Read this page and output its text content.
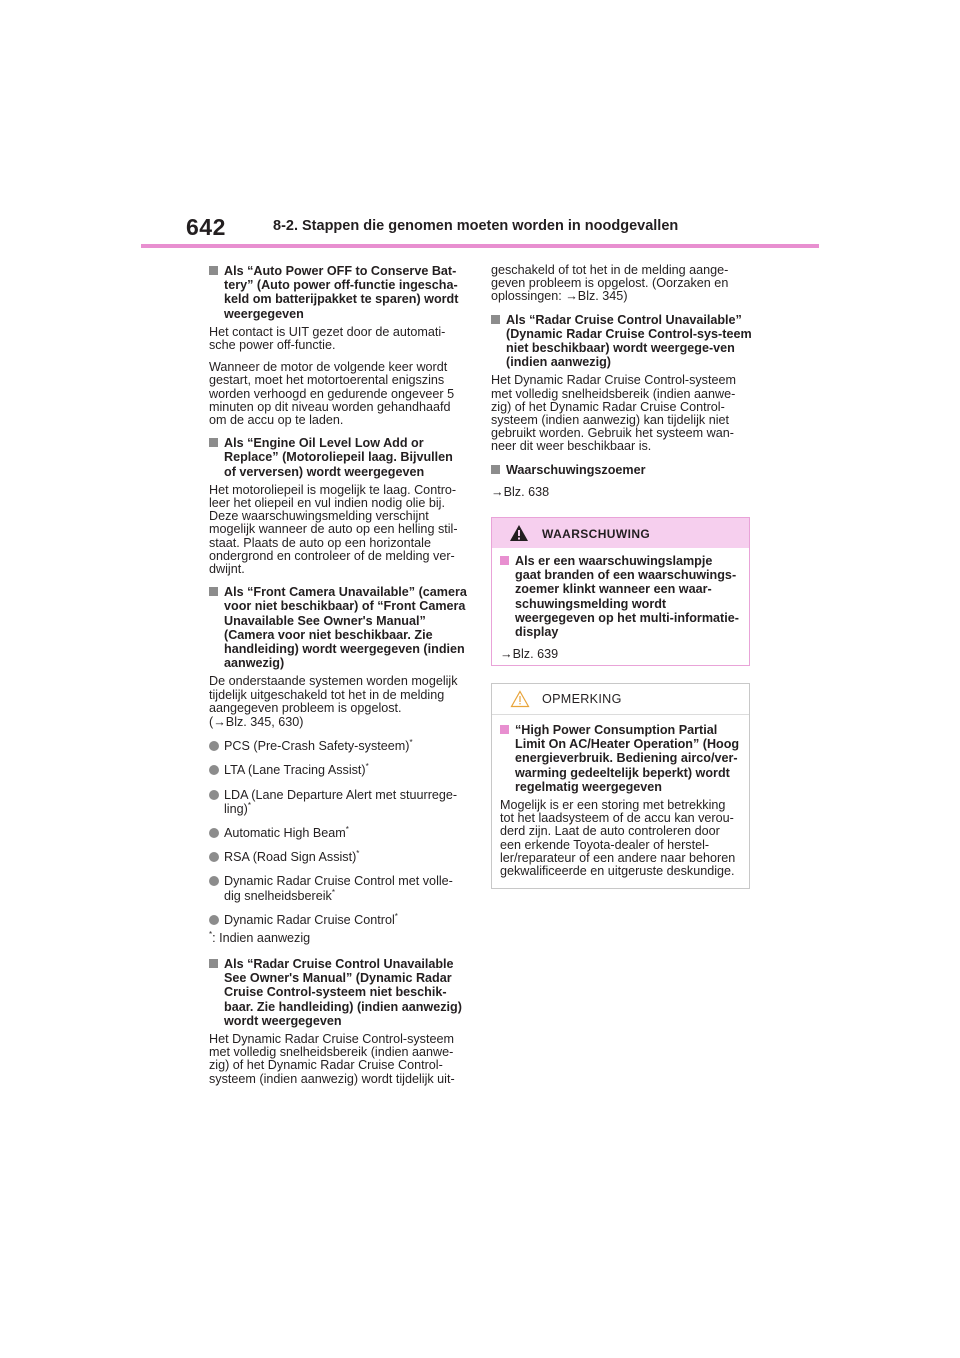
642	8-2. Stappen die genomen moeten worden in noodgevallen
Als “Auto Power OFF to Conserve Bat-tery” (Auto power off-functie ingescha-keld om batterijpakket te sparen) wordt weergegeven
Het contact is UIT gezet door de automati-sche power off-functie.
Wanneer de motor de volgende keer wordt gestart, moet het motortoerental enigszins worden verhoogd en gedurende ongeveer 5 minuten op dit niveau worden gehandhaafd om de accu op te laden.
Als “Engine Oil Level Low Add or Replace” (Motoroliepeil laag. Bijvullen of verversen) wordt weergegeven
Het motoroliepeil is mogelijk te laag. Contro-leer het oliepeil en vul indien nodig olie bij. Deze waarschuwingsmelding verschijnt mogelijk wanneer de auto op een helling stil-staat. Plaats de auto op een horizontale ondergrond en controleer of de melding ver-dwijnt.
Als “Front Camera Unavailable” (camera voor niet beschikbaar) of “Front Camera Unavailable See Owner's Manual” (Camera voor niet beschikbaar. Zie handleiding) wordt weergegeven (indien aanwezig)
De onderstaande systemen worden mogelijk tijdelijk uitgeschakeld tot het in de melding aangegeven probleem is opgelost.
(→Blz. 345, 630)
PCS (Pre-Crash Safety-systeem)*
LTA (Lane Tracing Assist)*
LDA (Lane Departure Alert met stuurrege-ling)*
Automatic High Beam*
RSA (Road Sign Assist)*
Dynamic Radar Cruise Control met volle-dig snelheidsbereik*
Dynamic Radar Cruise Control*
*: Indien aanwezig
Als “Radar Cruise Control Unavailable See Owner's Manual” (Dynamic Radar Cruise Control-systeem niet beschik-baar. Zie handleiding) (indien aanwezig) wordt weergegeven
Het Dynamic Radar Cruise Control-systeem met volledig snelheidsbereik (indien aanwe-zig) of het Dynamic Radar Cruise Control-systeem (indien aanwezig) wordt tijdelijk uit-
geschakeld of tot het in de melding aange-geven probleem is opgelost. (Oorzaken en oplossingen: →Blz. 345)
Als “Radar Cruise Control Unavailable” (Dynamic Radar Cruise Control-sys-teem niet beschikbaar) wordt weergege-ven (indien aanwezig)
Het Dynamic Radar Cruise Control-systeem met volledig snelheidsbereik (indien aanwe-zig) of het Dynamic Radar Cruise Control-systeem (indien aanwezig) kan tijdelijk niet gebruikt worden. Gebruik het systeem wan-neer dit weer beschikbaar is.
Waarschuwingszoemer
→Blz. 638
WAARSCHUWING
Als er een waarschuwingslampje gaat branden of een waarschuwings-zoemer klinkt wanneer een waar-schuwingsmelding wordt weergegeven op het multi-informatie-display
→Blz. 639
OPMERKING
“High Power Consumption Partial Limit On AC/Heater Operation” (Hoog energieverbruik. Bediening airco/ver-warming gedeeltelijk beperkt) wordt regelmatig weergegeven
Mogelijk is er een storing met betrekking tot het laadsysteem of de accu kan verou-derd zijn. Laat de auto controleren door een erkende Toyota-dealer of herstel-ler/reparateur of een andere naar behoren gekwalificeerde en uitgeruste deskundige.
